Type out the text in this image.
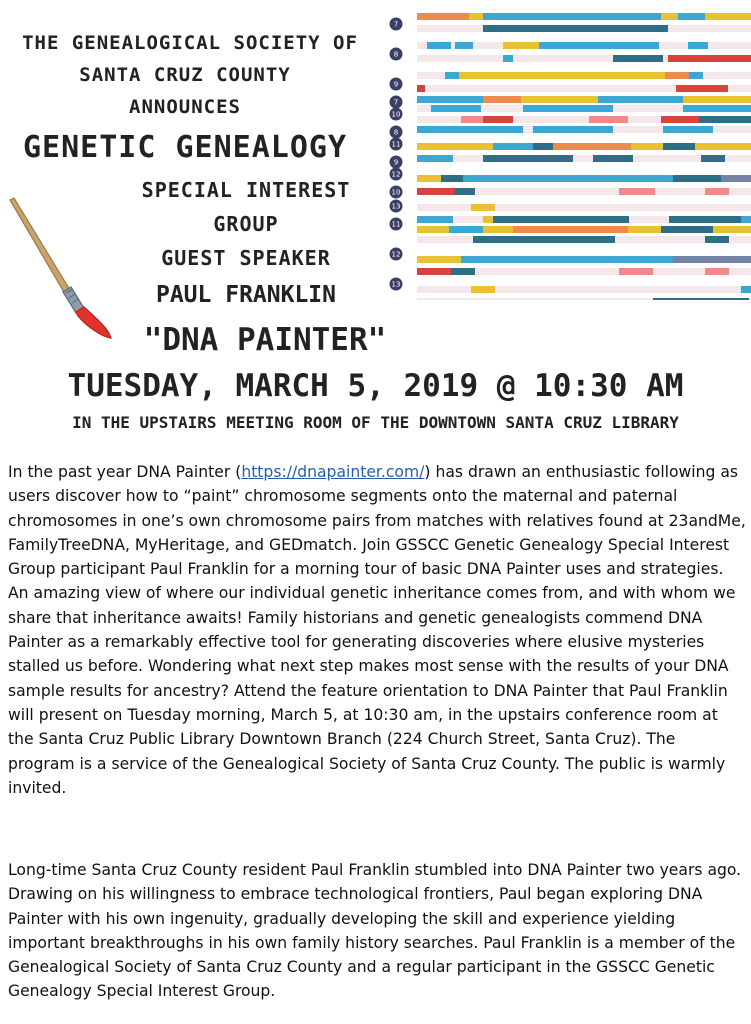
THE GENEALOGICAL SOCIETY OF
SANTA CRUZ COUNTY
ANNOUNCES
GENETIC GENEALOGY
SPECIAL INTEREST
GROUP
GUEST SPEAKER
PAUL FRANKLIN
"DNA PAINTER"
TUESDAY, MARCH 5, 2019 @ 10:30 AM
IN THE UPSTAIRS MEETING ROOM OF THE DOWNTOWN SANTA CRUZ LIBRARY
7
8
9
7
10
8
11
9
12
10
13
11
12
13

In the past year DNA Painter (https://dnapainter.com/) has drawn an enthusiastic following as users discover how to “paint” chromosome segments onto the maternal and paternal chromosomes in one’s own chromosome pairs from matches with relatives found at 23andMe, FamilyTreeDNA, MyHeritage, and GEDmatch. Join GSSCC Genetic Genealogy Special Interest Group participant Paul Franklin for a morning tour of basic DNA Painter uses and strategies. An amazing view of where our individual genetic inheritance comes from, and with whom we share that inheritance awaits! Family historians and genetic genealogists commend DNA Painter as a remarkably effective tool for generating discoveries where elusive mysteries stalled us before. Wondering what next step makes most sense with the results of your DNA sample results for ancestry? Attend the feature orientation to DNA Painter that Paul Franklin will present on Tuesday morning, March 5, at 10:30 am, in the upstairs conference room at the Santa Cruz Public Library Downtown Branch (224 Church Street, Santa Cruz). The program is a service of the Genealogical Society of Santa Cruz County. The public is warmly invited.

Long-time Santa Cruz County resident Paul Franklin stumbled into DNA Painter two years ago. Drawing on his willingness to embrace technological frontiers, Paul began exploring DNA Painter with his own ingenuity, gradually developing the skill and experience yielding important breakthroughs in his own family history searches. Paul Franklin is a member of the Genealogical Society of Santa Cruz County and a regular participant in the GSSCC Genetic Genealogy Special Interest Group.
